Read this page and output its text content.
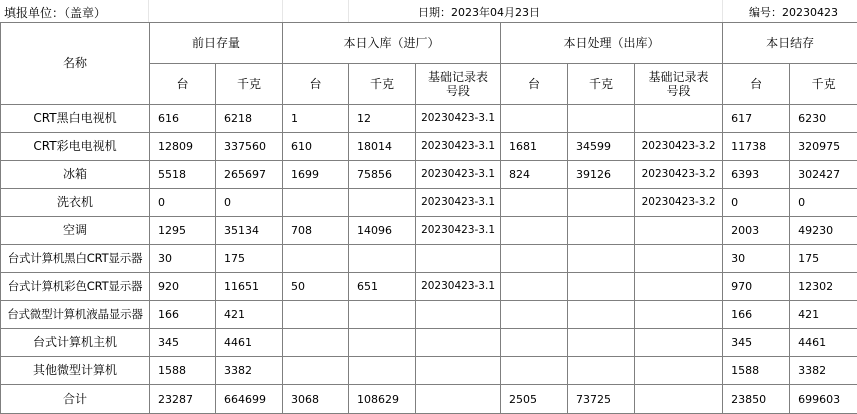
填报单位：（盖章）	日期：2023年04月23日	编号：20230423
名称	前日存量		本日入库（进厂）			本日处理（出库）			本日结存	
	台	千克	台	千克	基础记录表号段	台	千克	基础记录表号段	台	千克
CRT黑白电视机	616	6218	1	12	20230423-3.1				617	6230
CRT彩电电视机	12809	337560	610	18014	20230423-3.1	1681	34599	20230423-3.2	11738	320975
冰箱	5518	265697	1699	75856	20230423-3.1	824	39126	20230423-3.2	6393	302427
洗衣机	0	0			20230423-3.1			20230423-3.2	0	0
空调	1295	35134	708	14096	20230423-3.1				2003	49230
台式计算机黑白CRT显示器	30	175							30	175
台式计算机彩色CRT显示器	920	11651	50	651	20230423-3.1				970	12302
台式微型计算机液晶显示器	166	421							166	421
台式计算机主机	345	4461							345	4461
其他微型计算机	1588	3382							1588	3382
合计	23287	664699	3068	108629		2505	73725		23850	699603
